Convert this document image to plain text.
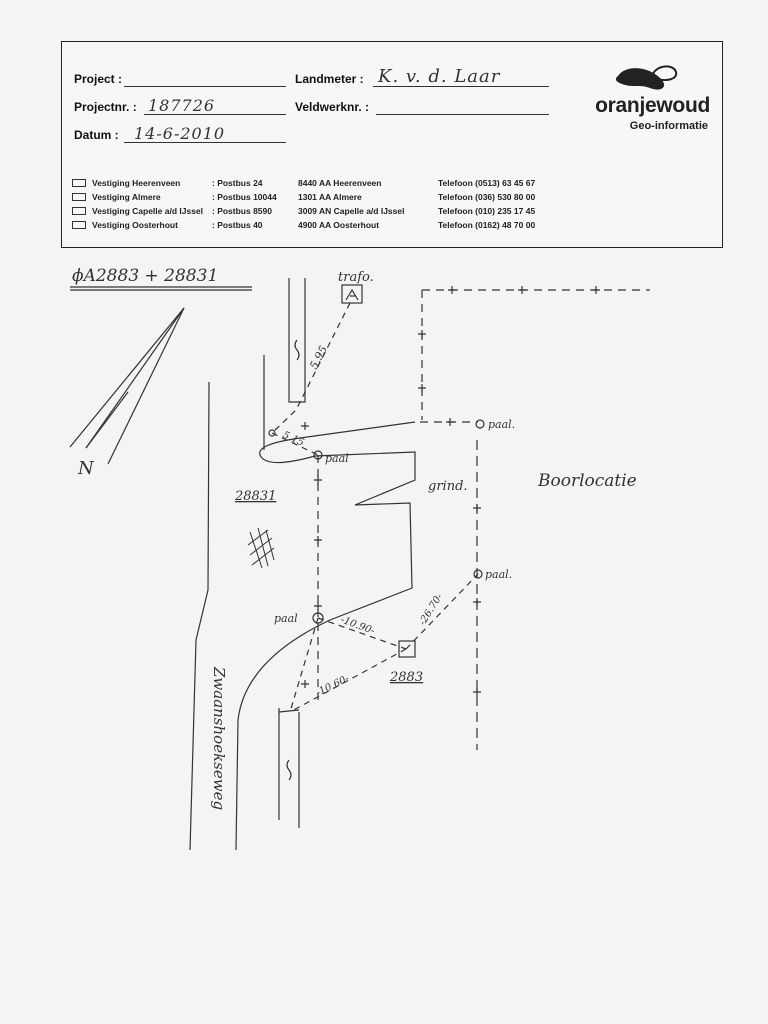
Project :
Projectnr. : 187726
Datum : 14-6-2010
Landmeter : K. v. d. Laar
Veldwerknr. :	oranjewoud
Geo-informatie
Vestiging Heerenveen	: Postbus 24	8440 AA Heerenveen	Telefoon (0513) 63 45 67
Vestiging Almere	: Postbus 10044	1301 AA Almere	Telefoon (036) 530 80 00
Vestiging Capelle a/d IJssel	: Postbus 8590	3009 AN Capelle a/d IJssel	Telefoon (010) 235 17 45
Vestiging Oosterhout	: Postbus 40	4900 AA Oosterhout	Telefoon (0162) 48 70 00
ϕA2883 + 28831	trafo.
paal.
paal
paal.
paal
grind.	Boorlocatie
28831
2883
N
5.95
5.15
-10.90-	-26.70-
-10.60-
Zwaanshoekseweg
